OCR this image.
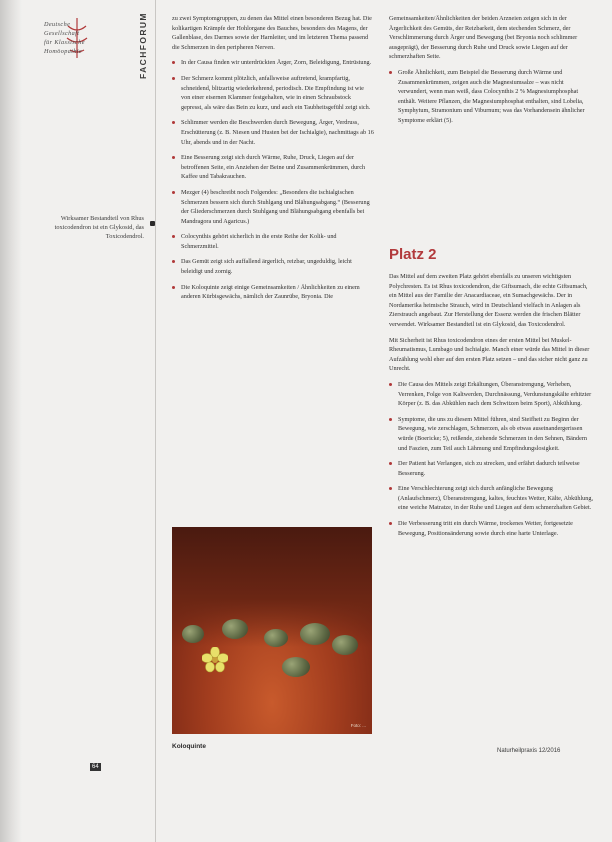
Deutsche
Gesellschaft
für Klassische
Homöopathie	FACHFORUM
Wirksamer Bestandteil von Rhus toxicodendron ist ein Glykosid, das Toxicodendrol.

zu zwei Symptomgruppen, zu denen das Mittel einen besonderen Bezug hat. Die kolikartigen Krämpfe der Hohlorgane des Bauches, besonders des Magens, der Gallenblase, des Darmes sowie der Harnleiter, und im letzteren Thema passend die Schmerzen in den peripheren Nerven.

In der Causa finden wir unterdrückten Ärger, Zorn, Beleidigung, Entrüstung.

Der Schmerz kommt plötzlich, anfallsweise auftretend, krampfartig, schneidend, blitzartig wiederkehrend, periodisch. Die Empfindung ist wie von einer eisernen Klammer festgehalten, wie in einen Schraubstock gepresst, als wäre das Bein zu kurz, und auch ein Taubheitsgefühl zeigt sich.

Schlimmer werden die Beschwerden durch Bewegung, Ärger, Verdruss, Erschütterung (z. B. Niesen und Husten bei der Ischialgie), nachmittags ab 16 Uhr, abends und in der Nacht.

Eine Besserung zeigt sich durch Wärme, Ruhe, Druck, Liegen auf der betroffenen Seite, ein Anziehen der Beine und Zusammenkrümmen, durch Kaffee und Tabakrauchen.

Mezger (4) beschreibt noch Folgendes: „Besonders die ischialgischen Schmerzen bessern sich durch Stuhlgang und Blähungsabgang.“ (Besserung der Gliederschmerzen durch Stuhlgang und Blähungsabgang ebenfalls bei Mandragora und Agaricus.)

Colocynthis gehört sicherlich in die erste Reihe der Kolik- und Schmerzmittel.

Das Gemüt zeigt sich auffallend ärgerlich, reizbar, ungeduldig, leicht beleidigt und zornig.

Die Koloquinte zeigt einige Gemeinsamkeiten / Ähnlichkeiten zu einem anderen Kürbisgewächs, nämlich der Zaunrübe, Bryonia. Die

Gemeinsamkeiten/Ähnlichkeiten der beiden Arzneien zeigen sich in der Ärgerlichkeit des Gemüts, der Reizbarkeit, dem stechenden Schmerz, der Verschlimmerung durch Ärger und Bewegung (bei Bryonia noch schlimmer ausgeprägt), der Besserung durch Ruhe und Druck sowie Liegen auf der schmerzhaften Seite.

Große Ähnlichkeit, zum Beispiel die Besserung durch Wärme und Zusammenkrümmen, zeigen auch die Magnesiumsalze – was nicht verwundert, wenn man weiß, dass Colocynthis 2 % Magnesiumphosphat enthält. Weitere Pflanzen, die Magnesiumphosphat enthalten, sind Lobelia, Symphytum, Stramonium und Viburnum; was das Vorhandensein ähnlicher Symptome erklärt (5).

Platz 2

Das Mittel auf dem zweiten Platz gehört ebenfalls zu unseren wichtigsten Polychresten. Es ist Rhus toxicodendron, die Giftsumach, die echte Giftsumach, ein Mittel aus der Familie der Anacardiaceae, ein Sumachgewächs. Der in Nordamerika heimische Strauch, wird in Deutschland vielfach in Anlagen als Zierstrauch angebaut. Zur Herstellung der Essenz werden die frischen Blätter verwendet. Wirksamer Bestandteil ist ein Glykosid, das Toxicodendrol.

Mit Sicherheit ist Rhus toxicodendron eines der ersten Mittel bei Muskel-Rheumatismus, Lumbago und Ischialgie. Manch einer würde das Mittel in dieser Aufzählung wohl eher auf den ersten Platz setzen – und das sicher nicht ganz zu Unrecht.

Die Causa des Mittels zeigt Erkältungen, Überanstrengung, Verheben, Verrenken, Folge von Kaltwerden, Durchnässung, Verdunstungskälte erhitzter Körper (z. B. das Abkühlen nach dem Schwitzen beim Sport), Abkühlung.

Symptome, die uns zu diesem Mittel führen, sind Steifheit zu Beginn der Bewegung, wie zerschlagen, Schmerzen, als ob etwas auseinandergerissen würde (Boericke; 5), reißende, ziehende Schmerzen in den Sehnen, Bändern und Faszien, zum Teil auch Lähmung und Empfindungslosigkeit.

Der Patient hat Verlangen, sich zu strecken, und erfährt dadurch teilweise Besserung.

Eine Verschlechterung zeigt sich durch anfängliche Bewegung (Anlaufschmerz), Überanstrengung, kaltes, feuchtes Wetter, Kälte, Abkühlung, eine weiche Matratze, in der Ruhe und Liegen auf dem schmerzhaften Gebiet.

Die Verbesserung tritt ein durch Wärme, trockenes Wetter, fortgesetzte Bewegung, Positionsänderung sowie durch eine harte Unterlage.

Foto: ...
Koloquinte
64
Naturheilpraxis 12/2016
